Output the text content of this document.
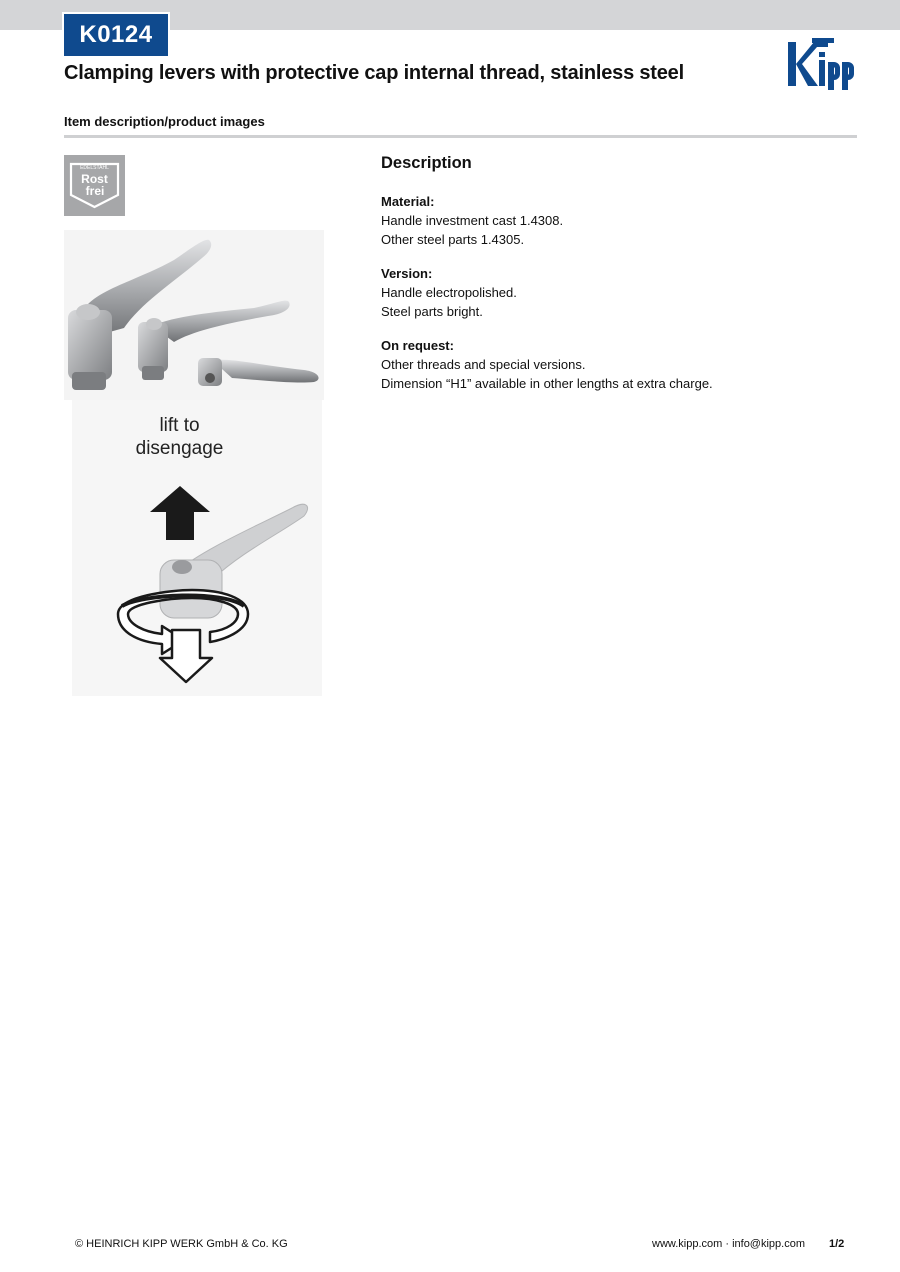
K0124
Clamping levers with protective cap internal thread, stainless steel
Item description/product images
EDELSTAHL
Rost
frei
lift to
disengage
Description
Material:
Handle investment cast 1.4308.
Other steel parts 1.4305.
Version:
Handle electropolished.
Steel parts bright.
On request:
Other threads and special versions.
Dimension “H1” available in other lengths at extra charge.
© HEINRICH KIPP WERK GmbH & Co. KG	www.kipp.com · info@kipp.com 1/2
